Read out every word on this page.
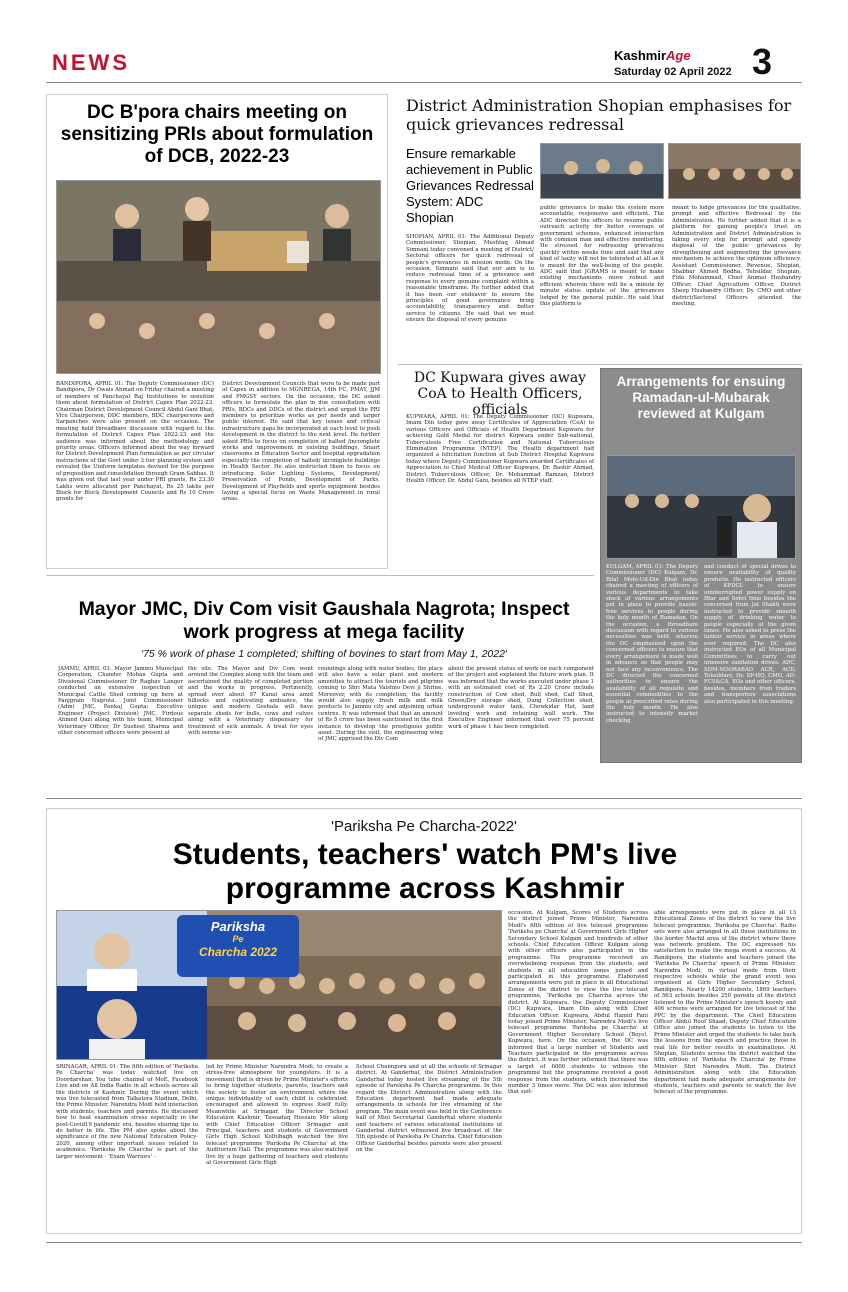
NEWS	KashmirAge
Saturday 02 April 2022 3
DC B'pora chairs meeting on sensitizing PRIs about formulation of DCB, 2022-23
BANDIPORA, APRIL 01: The Deputy Commissioner (DC) Bandipora, Dr Owais Ahmad on Friday chaired a meeting of members of Panchayat Raj Institutions to sensitize them about formulation of District Capex Plan 2022-23. Chairman District Development Council Abdul Gani Bhat, Vice Chairperson, DDC members, BDC chairpersons and Sarpanches were also present on the occasion. The meeting held threadbare discussion with regard to the formulation of District Capex Plan 2022-23 and the audience was informed about the methodology and priority areas. Officers informed about the way forward for District Development Plan formulation as per circular instructions of the Govt under 3 tier planning system and revealed the Uniform templates devised for the purpose of proposition and consolidation through Gram Sabhas. It was given out that last year under PRI grants, Rs 23.30 Lakhs were allocated per Panchayat, Rs 25 lakhs per Block for Block Development Councils and Rs 10 Crore grants for
District Development Councils that were to be made part of Capex in addition to MGNREGA, 14th FC, PMAY, JJM and PMGSY sectors. On the occasion, the DC asked officers to formulate the plan in due consultation with PRIs, BDCs and DDCs of the district and urged the PRI members to prioritize works as per needs and larger public interest. He said that key issues and critical infrastructure gaps be incorporated at each level to push development in the district to the next level. He further asked PRIs to focus on completion of halted /incomplete works and improvement in existing buildings, Smart classrooms in Education Sector and hospital upgradation especially the completion of halted/ incomplete buildings in Health Sector. He also instructed them to focus on introducing Solar Lighting Systems, Development/ Preservation of Ponds, Development of Parks, Development of Playfields and sports equipment besides laying a special focus on Waste Management in rural areas.
District Administration Shopian emphasises for quick grievances redressal
Ensure remarkable achievement in Public Grievances Redressal System: ADC Shopian
SHOPIAN, APRIL 01: The Additional Deputy Commissioner, Shopian, Mushtaq Ahmad Simnani today convened a meeting of District/ Sectoral officers for quick redressal of people's grievances in mission mode. On the occasion, Simnani said that our aim is to reduce redressal time of a grievance and response to every genuine complaint within a reasonable timeframe. He further added that it has been our endeavor to ensure the principles of good governance bring accountability, transparency and better service to citizens. He said that we must ensure the disposal of every genuine
public grievance to make the system more accountable, responsive and efficient. The ADC directed the officers to resume public outreach activity for better coverage of government schemes, enhanced interaction with common man and effective monitoring. He stressed for redressing grievances quickly within weeks time and said that any kind of laxity will not be tolerated at all as it is meant for the well-being of the people. ADC said that JGRAMS is meant to make existing mechanisms more robust and efficient wherein there will be a minute by minute status update of the grievances lodged by the general public. He said that this platform is
meant to lodge grievances for the qualitative, prompt and effective Redressal by the Administration. He further added that it is a platform for gaining people's trust on Administration and District Administration is taking every step for prompt and speedy disposal of the public grievances by strengthening and augmenting the grievance mechanism to achieve the optimum efficiency. Assistant Commissioner, Revenue, Shopian, Shabbar Ahmed Bodha, Tehsildar, Shopian, Fida Mohammad, Chief Animal Husbandry Officer, Chief Agriculture Officer, District Sheep Husbandry Officer, Dy. CMO and other district/Sectoral Officers attended the meeting.
DC Kupwara gives away CoA to Health Officers, officials
KUPWARA, APRIL 01: The Deputy Commissioner (DC) Kupwara, Imam Din today gave away Certificates of Appreciation (CoA) to various Officers and Officials of Health Department Kupwara for achieving Gold Medal for district Kupwara under Sub-national, Tuberculosis Free Certification and National Tuberculosis Elimination Programme (NTEP). The Health department had organized a felicitation function at Sub District Hospital Kupwara today where Deputy Commissioner Kupwara awarded Certificates of Appreciation to Chief Medical Officer Kupwara, Dr. Bashir Ahmad, District Tuberculosis Officer, Dr. Mohammad Ramzan, District Health Officer, Dr. Abdul Gani, besides all NTEP staff.
Arrangements for ensuing Ramadan-ul-Mubarak reviewed at Kulgam
KULGAM, APRIL 01: The Deputy Commissioner (DC) Kulgam, Dr. Bilal Mohi-Ud-Din Bhat today chaired a meeting of officers of various departments to take stock of various arrangements put in place to provide hassle-free services to people during the holy month of Ramadan. On the occasion, a threadbare discussion with regard to various necessities was held, wherein the DC emphasized upon the concerned officers to ensure that every arrangement is made well in advance so that people may not face any inconvenience. The DC directed the concerned authorities to ensure the availability of all requisite and essential commodities to the people at prescribed rates during the holy month. He also instructed to intensify market checking
and conduct of special drives to ensure availability of quality products. He instructed officers of KPDCL to ensure uninterrupted power supply on Iftar and Sehri time besides the concerned from Jal Shakti were instructed to provide smooth supply of drinking water to people especially at the given times. He also asked to press the tanker service in areas where ever required. The DC also instructed EOs of all Municipal Committees to carry out intensive sanitation drives. ADC, SDM-NOORABAD ACR, ACD, Tehsildars, Dy. SP-HQ, CMO, AD- FCS&CA, EOs and other officers, besides, members from traders and transporters associations also participated in this meeting.
Mayor JMC, Div Com visit Gaushala Nagrota; Inspect work progress at mega facility
'75 % work of phase 1 completed; shifting of bovines to start from May 1, 2022'
JAMMU, APRIL 01: Mayor Jammu Municipal Corporation, Chander Mohan Gupta and Divisional Commissioner Dr Raghav Langer conducted an extensive inspection of Municipal Cattle Shed coming up here at Panjgrain Nagrota. Joint Commissioner (Adm) JMC, Pankaj Gupta; Executive Engineer (Project Division) JMC, Firdous Ahmed Qazi along with his team, Municipal Veterinary Officer, Dr Susheel Sharma and other concerned officers were present at
the site. The Mayor and Div Com went around the Complex along with the team and ascertained the quality of completed portion and the works in progress. Pertinently, spread over about 97 Kanal area amid hillocks and captivating ambiance, the unique and modern Goshala will have separate sheds for bulls, cows and calves along with a Veterinary dispensary for treatment of sick animals. A treat for eyes with serene sur-
roundings along with water bodies, the place will also have a solar plant and modern amenities to attract the tourists and pilgrims coming to Shri Mata Vaishno Devi ji Shrine. Moreover, with its completion, the facility would also supply fresh milk and milk products to Jammu city and adjoining urban centres. It was informed that that an amount of Rs 5 crore has been sanctioned in the first instance to develop the prestigious public asset. During the visit, the engineering wing of JMC apprised the Div Com
about the present status of work on each component of the project and explained the future work plan. It was informed that the works executed under phase 1 with an estimated cost of Rs 2.20 Crore include construction of Cow shed, Bull shed, Calf Shed, Green/Dry storage shed, Dung Collection shed, underground water tank, Chowkidar Hut, land leveling work and retaining wall work. The Executive Engineer informed that over 75 percent work of phase 1 has been completed.
'Pariksha Pe Charcha-2022'
Students, teachers' watch PM's live programme across Kashmir
Pariksha
Pe
Charcha 2022
SRINAGAR, APRIL 01: The fifth edition of 'Pariksha Pe Charcha' was today watched live on Doordarshan, You tube channel of MoE, Facebook Live and on All India Radio in all schools across all the districts of Kashmir. During the event which was live telecasted from Talkatora Stadium, Delhi, the Prime Minister, Narendra Modi held interaction with students, teachers and parents. He discussed how to beat examination stress especially in the post-Covid19 pandemic era, besides sharing tips to do better in life. The PM also spoke about the significance of the new National Education Policy-2020, among other important issues related to academics. 'Pariksha Pe Charcha' is part of the larger movement - 'Exam Warriors' -
led by Prime Minister Narendra Modi, to create a stress-free atmosphere for youngsters. It is a movement that is driven by Prime Minister's efforts to bring together students, parents, teachers and the society to foster an environment where the unique individuality of each child is celebrated, encouraged and allowed to express itself fully. Meanwhile at Srinagar, the Director School Education Kashmir, Tassaduq Hussain Mir along with Chief Education Officer Srinagar and Principal, teachers and students of Government Girls High School Kothibagh watched the live telecast programme 'Pariksha Pe Charcha' at the Auditorium Hall. The programme was also watched live by a huge gathering of teachers and students at Government Girls High
School Channpora and at all the schools of Srinagar district. At Ganderbal, the District Administration Ganderbal today hosted live streaming of the 5th episode of Pareksha Pe Charcha programme. In this regard the District Administration along with the Education department had made adequate arrangements in schools for live streaming of the program. The main event was held in the Conference hall of Mini Secretariat Ganderbal where students and teachers of various educational institutions of Ganderbal district witnessed live broadcast of the 5th episode of Pareksha Pe Charcha. Chief Education Officer Ganderbal besides parents were also present on the
occasion. At Kulgam, Scores of Students across the district joined Prime Minister, Narendra Modi's fifth edition of live telecast programme 'Pariksha pe Charcha' at Government Girls Higher Secondary School Kulgam and hundreds of other schools. Chief Education Officer Kulgam along with other officers also participated in the programme. The programme received an overwhelming response from the students, and students in all education zones joined and participated in this programme. Elaborated arrangements were put in place in all Educational Zones of the district to view the live telecast programme, 'Pariksha pe Charcha across the district. At Kupwara, the Deputy Commissioner (DC) Kupwara, Imam Din along with Chief Education Officer, Kupwara, Abdul Hamid Fani today joined Prime Minister, Narendra Modi's live telecast programme 'Pariksha pe Charcha' at Government Higher Secondary School (Boys), Kupwara, here. On the occasion, the DC was informed that a large number of Students and Teachers participated in the programme across the district. It was further informed that there was a target of 6000 students to witness the programme but the programme received a good response from the students, which increased the number 3 times more. The DC was also informed that suit-
able arrangements were put in place in all 13 Educational Zones of the district to view the live telecast programme, 'Pariksha pe Charcha'. Radio sets were also arranged in all those institutions in the border Machil area of the district where there was network problem. The DC expressed his satisfaction to make the mega event a success. At Bandipora, the students and teachers joined the 'Pariksha Pe Charcha' speech of Prime Minister, Narendra Modi, in virtual mode from their respective schools while the grand event was organised at Girls Higher Secondary School, Bandipora. Nearly 14200 students, 1869 teachers of 563 schools besides 250 parents of the district listened to the Prime Minister's speech keenly and 406 screens were arranged for live telecast of the PPC by the department. The Chief Education Officer Abdul Rouf Shaad, Deputy Chief Education Office also joined the students to listen to the Prime Minister and urged the students to take back the lessons from the speech and practice those in real life for better results in examinations. At Shopian, Students across the district watched the fifth edition of 'Pariksha Pe Charcha' by Prime Minister Shri Narendra Modi. The District Administration along with the Education department had made adequate arrangements for students, teachers and parents to watch the live telecast of the programme.
